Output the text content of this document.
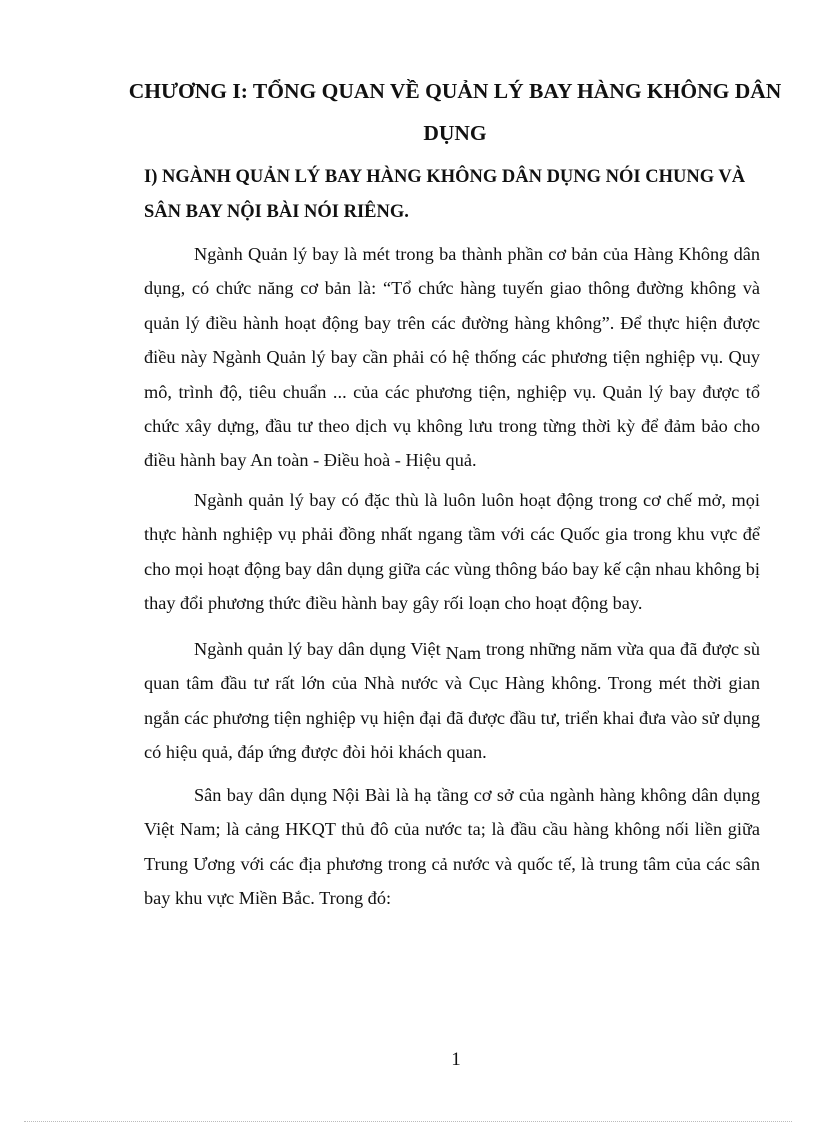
CHƯƠNG I: TỔNG QUAN VỀ QUẢN LÝ BAY HÀNG KHÔNG DÂN DỤNG
I) NGÀNH QUẢN LÝ BAY HÀNG KHÔNG DÂN DỤNG NÓI CHUNG VÀ SÂN BAY NỘI BÀI NÓI RIÊNG.

Ngành Quản lý bay là mét trong ba thành phần cơ bản của Hàng Không dân dụng, có chức năng cơ bản là: “Tổ chức hàng tuyến giao thông đường không và quản lý điều hành hoạt động bay trên các đường hàng không”. Để thực hiện được điều này Ngành Quản lý bay cần phải có hệ thống các phương tiện nghiệp vụ. Quy mô, trình độ, tiêu chuẩn ... của các phương tiện, nghiệp vụ. Quản lý bay được tổ chức xây dựng, đầu tư theo dịch vụ không lưu trong từng thời kỳ để đảm bảo cho điều hành bay An toàn - Điều hoà - Hiệu quả.

Ngành quản lý bay có đặc thù là luôn luôn hoạt động trong cơ chế mở, mọi thực hành nghiệp vụ phải đồng nhất ngang tầm với các Quốc gia trong khu vực để cho mọi hoạt động bay dân dụng giữa các vùng thông báo bay kế cận nhau không bị thay đổi phương thức điều hành bay gây rối loạn cho hoạt động bay.

Ngành quản lý bay dân dụng Việt Nam trong những năm vừa qua đã được sù quan tâm đầu tư rất lớn của Nhà nước và Cục Hàng không. Trong mét thời gian ngắn các phương tiện nghiệp vụ hiện đại đã được đầu tư, triển khai đưa vào sử dụng có hiệu quả, đáp ứng được đòi hỏi khách quan.

Sân bay dân dụng Nội Bài là hạ tầng cơ sở của ngành hàng không dân dụng Việt Nam; là cảng HKQT thủ đô của nước ta; là đầu cầu hàng không nối liền giữa Trung Ương với các địa phương trong cả nước và quốc tế, là trung tâm của các sân bay khu vực Miền Bắc. Trong đó:

1
